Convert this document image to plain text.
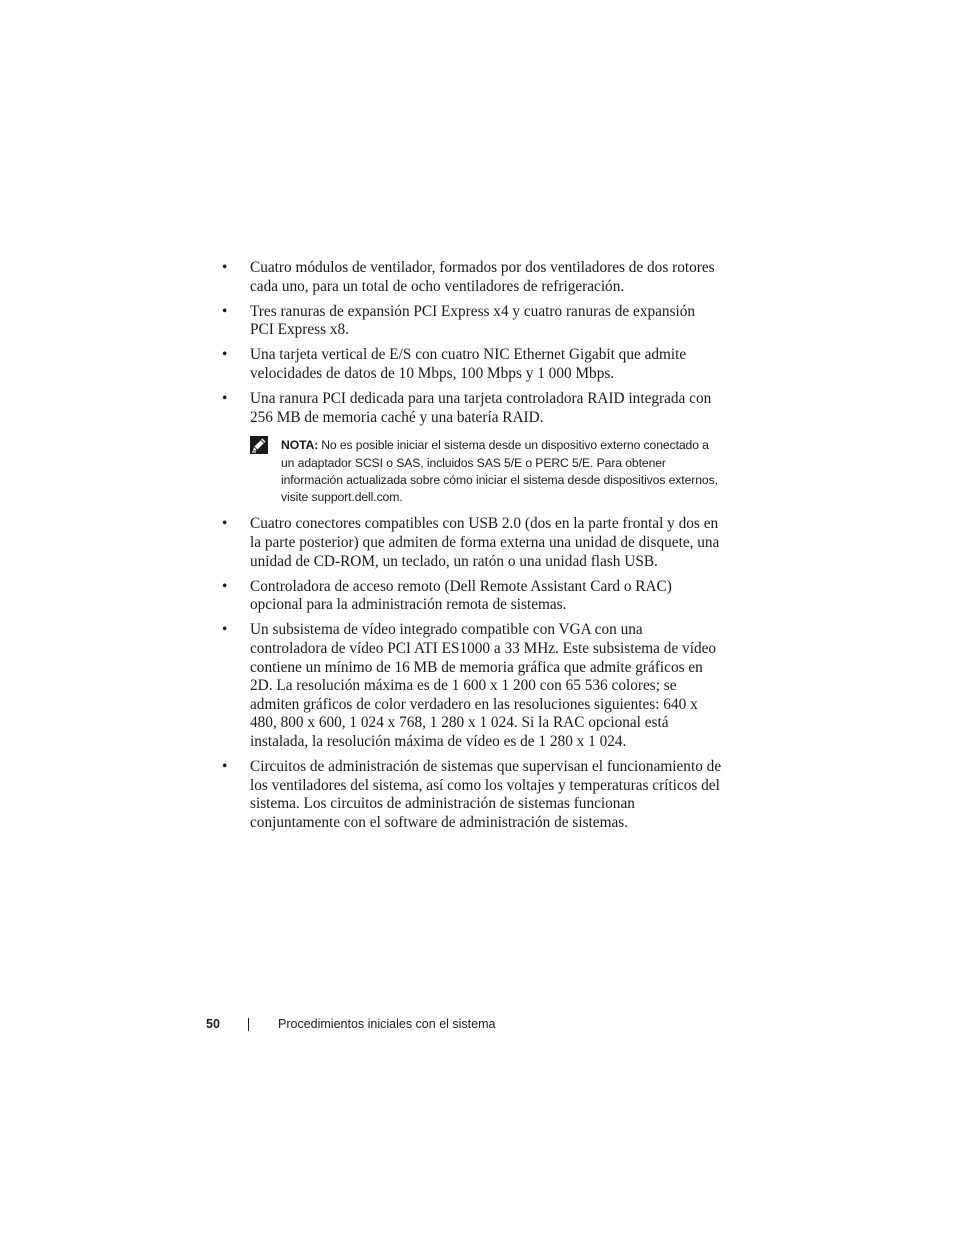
•	Cuatro módulos de ventilador, formados por dos ventiladores de dos rotores cada uno, para un total de ocho ventiladores de refrigeración.
•	Tres ranuras de expansión PCI Express x4 y cuatro ranuras de expansión PCI Express x8.
•	Una tarjeta vertical de E/S con cuatro NIC Ethernet Gigabit que admite velocidades de datos de 10 Mbps, 100 Mbps y 1 000 Mbps.
•	Una ranura PCI dedicada para una tarjeta controladora RAID integrada con 256 MB de memoria caché y una batería RAID.
NOTA: No es posible iniciar el sistema desde un dispositivo externo conectado a un adaptador SCSI o SAS, incluidos SAS 5/E o PERC 5/E. Para obtener información actualizada sobre cómo iniciar el sistema desde dispositivos externos, visite support.dell.com.
•	Cuatro conectores compatibles con USB 2.0 (dos en la parte frontal y dos en la parte posterior) que admiten de forma externa una unidad de disquete, una unidad de CD-ROM, un teclado, un ratón o una unidad flash USB.
•	Controladora de acceso remoto (Dell Remote Assistant Card o RAC) opcional para la administración remota de sistemas.
•	Un subsistema de vídeo integrado compatible con VGA con una controladora de vídeo PCI ATI ES1000 a 33 MHz. Este subsistema de vídeo contiene un mínimo de 16 MB de memoria gráfica que admite gráficos en 2D. La resolución máxima es de 1 600 x 1 200 con 65 536 colores; se admiten gráficos de color verdadero en las resoluciones siguientes: 640 x 480, 800 x 600, 1 024 x 768, 1 280 x 1 024. Si la RAC opcional está instalada, la resolución máxima de vídeo es de 1 280 x 1 024.
•	Circuitos de administración de sistemas que supervisan el funcionamiento de los ventiladores del sistema, así como los voltajes y temperaturas críticos del sistema. Los circuitos de administración de sistemas funcionan conjuntamente con el software de administración de sistemas.
50	Procedimientos iniciales con el sistema
